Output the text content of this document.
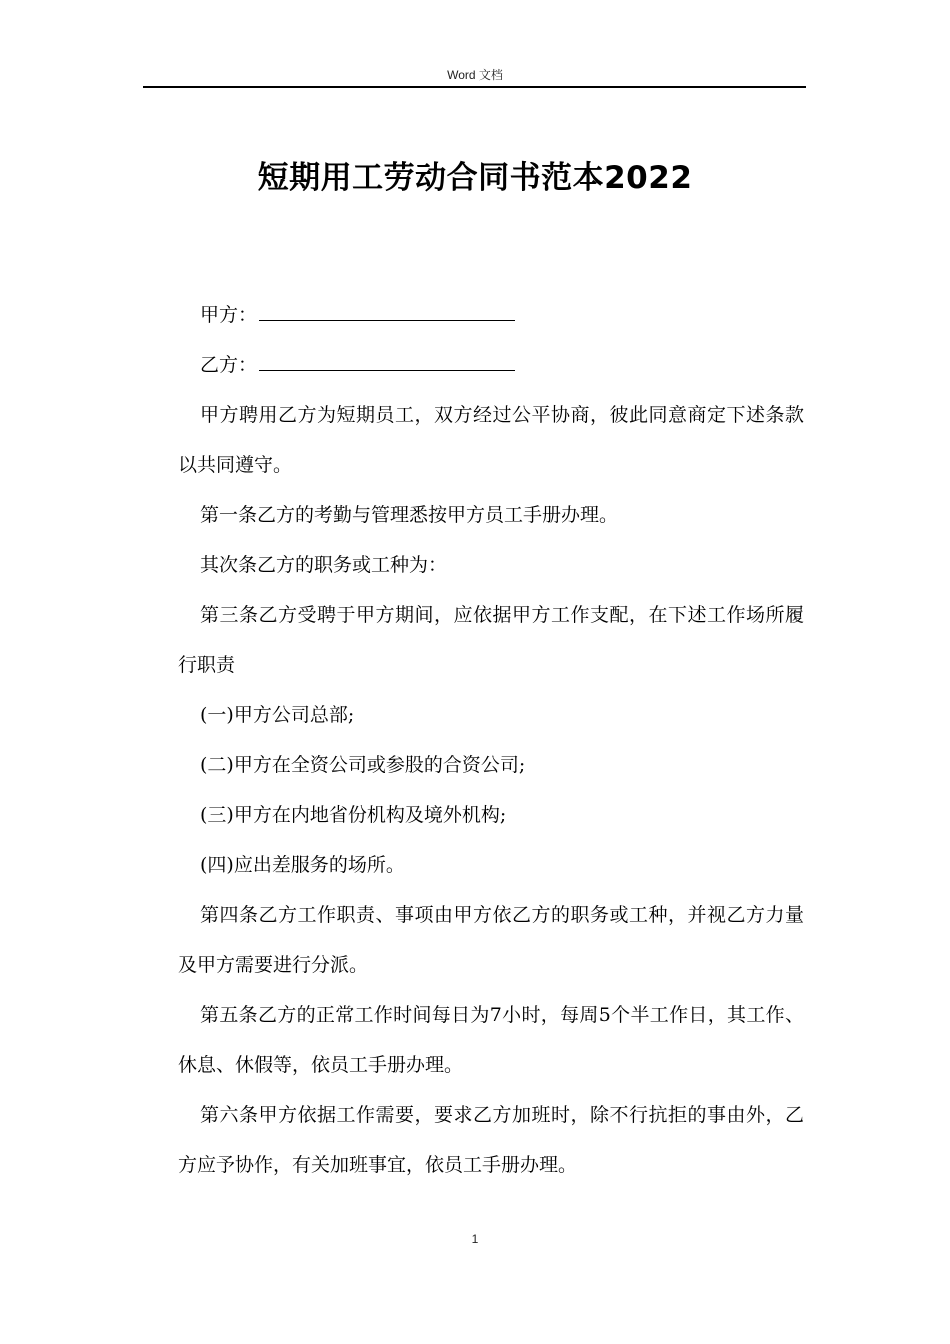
Word 文档
短期用工劳动合同书范本2022

甲方：

乙方：

甲方聘用乙方为短期员工，双方经过公平协商，彼此同意商定下述条款以共同遵守。

第一条乙方的考勤与管理悉按甲方员工手册办理。

其次条乙方的职务或工种为：

第三条乙方受聘于甲方期间，应依据甲方工作支配，在下述工作场所履行职责

(一)甲方公司总部;

(二)甲方在全资公司或参股的合资公司;

(三)甲方在内地省份机构及境外机构;

(四)应出差服务的场所。

第四条乙方工作职责、事项由甲方依乙方的职务或工种，并视乙方力量及甲方需要进行分派。

第五条乙方的正常工作时间每日为7小时，每周5个半工作日，其工作、休息、休假等，依员工手册办理。

第六条甲方依据工作需要，要求乙方加班时，除不行抗拒的事由外，乙方应予协作，有关加班事宜，依员工手册办理。

1
